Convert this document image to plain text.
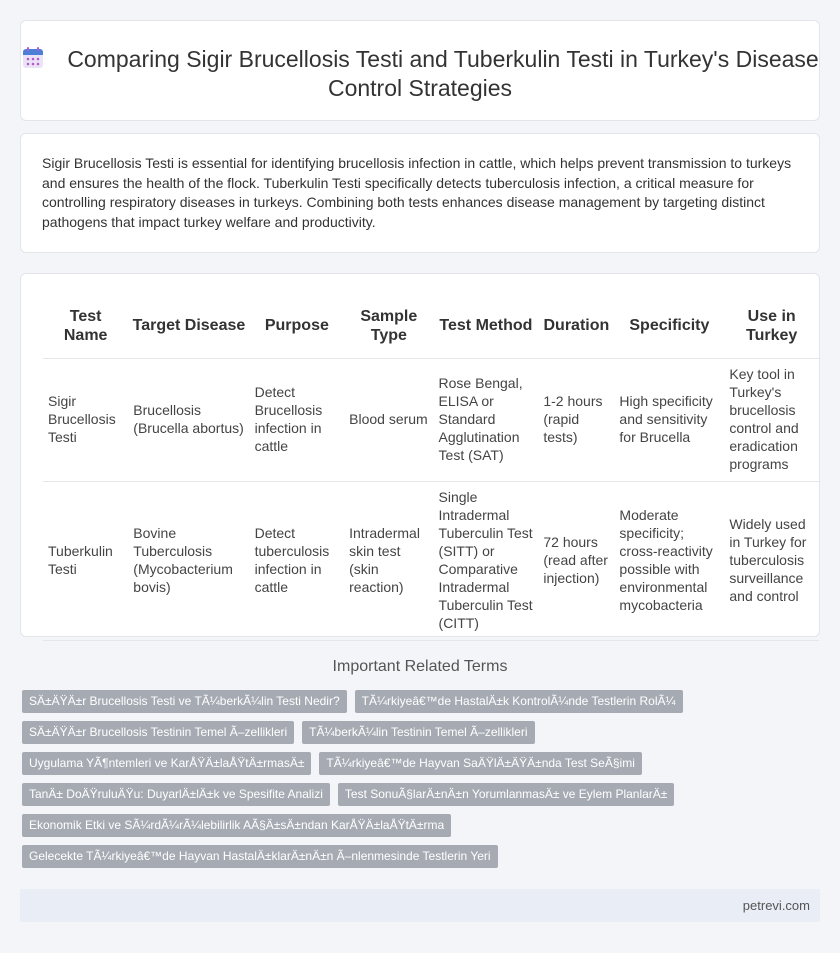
Comparing Sigir Brucellosis Testi and Tuberkulin Testi in Turkey's Disease Control Strategies

Sigir Brucellosis Testi is essential for identifying brucellosis infection in cattle, which helps prevent transmission to turkeys and ensures the health of the flock. Tuberkulin Testi specifically detects tuberculosis infection, a critical measure for controlling respiratory diseases in turkeys. Combining both tests enhances disease management by targeting distinct pathogens that impact turkey welfare and productivity.

Test Name	Target Disease	Purpose	Sample Type	Test Method	Duration	Specificity	Use in Turkey
Sigir Brucellosis Testi	Brucellosis (Brucella abortus)	Detect Brucellosis infection in cattle	Blood serum	Rose Bengal, ELISA or Standard Agglutination Test (SAT)	1-2 hours (rapid tests)	High specificity and sensitivity for Brucella	Key tool in Turkey's brucellosis control and eradication programs
Tuberkulin Testi	Bovine Tuberculosis (Mycobacterium bovis)	Detect tuberculosis infection in cattle	Intradermal skin test (skin reaction)	Single Intradermal Tuberculin Test (SITT) or Comparative Intradermal Tuberculin Test (CITT)	72 hours (read after injection)	Moderate specificity; cross-reactivity possible with environmental mycobacteria	Widely used in Turkey for tuberculosis surveillance and control
Important Related Terms
SÄ±ÄŸÄ±r Brucellosis Testi ve TÃ¼berkÃ¼lin Testi Nedir?	TÃ¼rkiyeâ€™de HastalÄ±k KontrolÃ¼nde Testlerin RolÃ¼
SÄ±ÄŸÄ±r Brucellosis Testinin Temel Ã–zellikleri	TÃ¼berkÃ¼lin Testinin Temel Ã–zellikleri
Uygulama YÃ¶ntemleri ve KarÅŸÄ±laÅŸtÄ±rmasÄ±	TÃ¼rkiyeâ€™de Hayvan SaÄŸlÄ±ÄŸÄ±nda Test SeÃ§imi
TanÄ± DoÄŸruluÄŸu: DuyarlÄ±lÄ±k ve Spesifite Analizi	Test SonuÃ§larÄ±nÄ±n YorumlanmasÄ± ve Eylem PlanlarÄ±
Ekonomik Etki ve SÃ¼rdÃ¼rÃ¼lebilirlik AÃ§Ä±sÄ±ndan KarÅŸÄ±laÅŸtÄ±rma
Gelecekte TÃ¼rkiyeâ€™de Hayvan HastalÄ±klarÄ±nÄ±n Ã–nlenmesinde Testlerin Yeri
petrevi.com
